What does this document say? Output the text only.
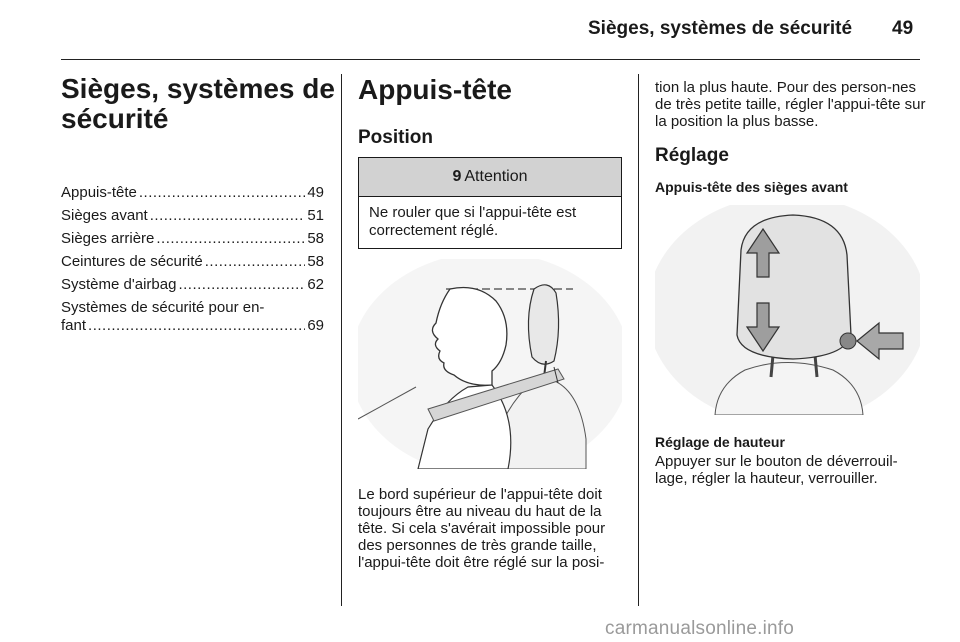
Sièges, systèmes de sécurité 49
Sièges, systèmes de sécurité
Appuis-tête .....	49
Sièges avant .....	51
Sièges arrière .....	58
Ceintures de sécurité .....	58
Système d'airbag .....	62
Systèmes de sécurité pour en-
fant .....	69
Appuis-tête
Position
9 Attention
Ne rouler que si l'appui-tête est correctement réglé.
Le bord supérieur de l'appui-tête doit toujours être au niveau du haut de la tête. Si cela s'avérait impossible pour des personnes de très grande taille, l'appui-tête doit être réglé sur la posi-
tion la plus haute. Pour des person-nes de très petite taille, régler l'appui-tête sur la position la plus basse.
Réglage
Appuis-tête des sièges avant
Réglage de hauteur
Appuyer sur le bouton de déverrouil-lage, régler la hauteur, verrouiller.
carmanualsonline.info
